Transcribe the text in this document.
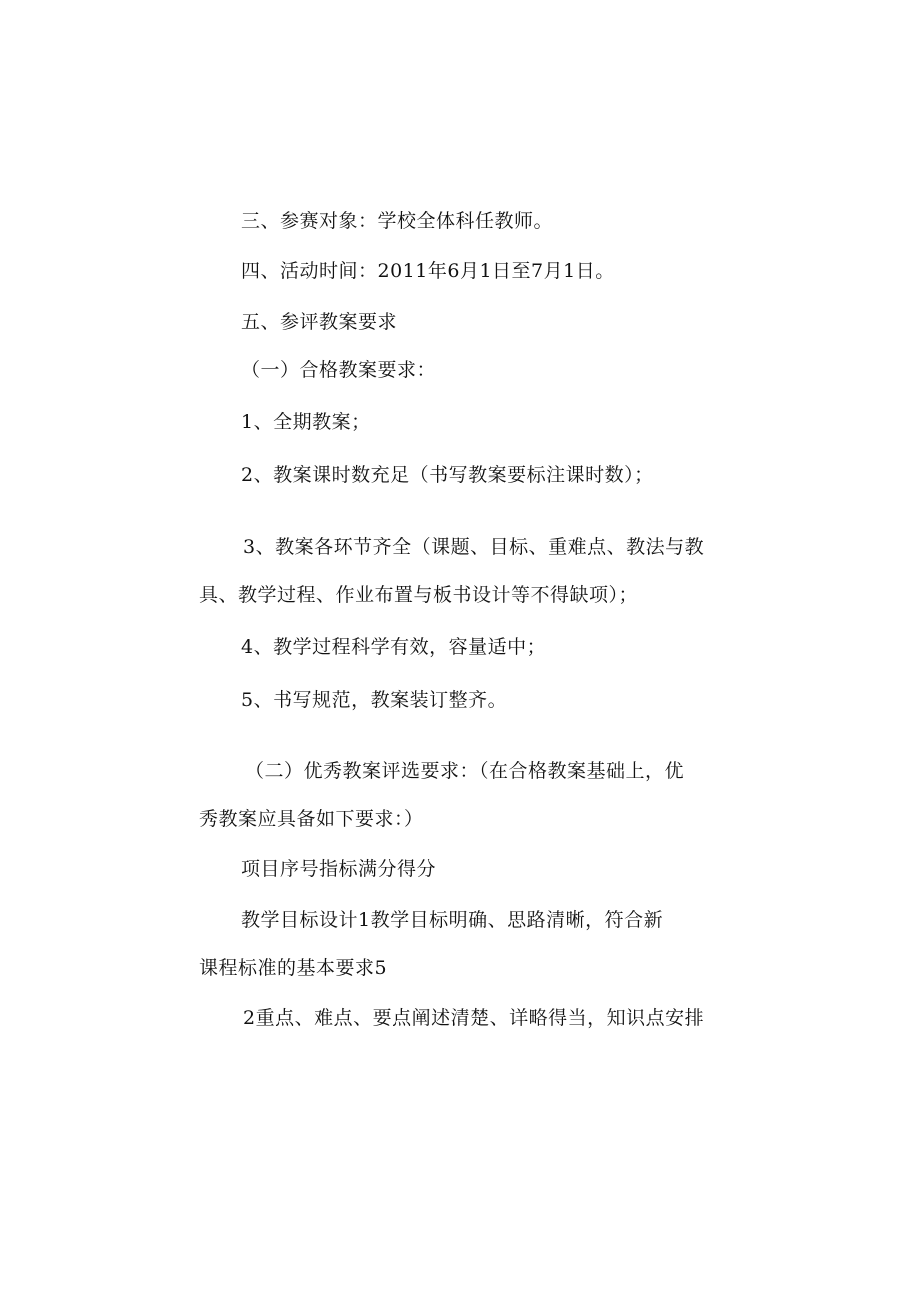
三、参赛对象：学校全体科任教师。
四、活动时间：2011年6月1日至7月1日。
五、参评教案要求
（一）合格教案要求：
1、全期教案；
2、教案课时数充足（书写教案要标注课时数）；
3、教案各环节齐全（课题、目标、重难点、教法与教
具、教学过程、作业布置与板书设计等不得缺项）；
4、教学过程科学有效，容量适中；
5、书写规范，教案装订整齐。
（二）优秀教案评选要求：（在合格教案基础上，优
秀教案应具备如下要求：）
项目序号指标满分得分
教学目标设计1教学目标明确、思路清晰，符合新
课程标准的基本要求5
2重点、难点、要点阐述清楚、详略得当，知识点安排
